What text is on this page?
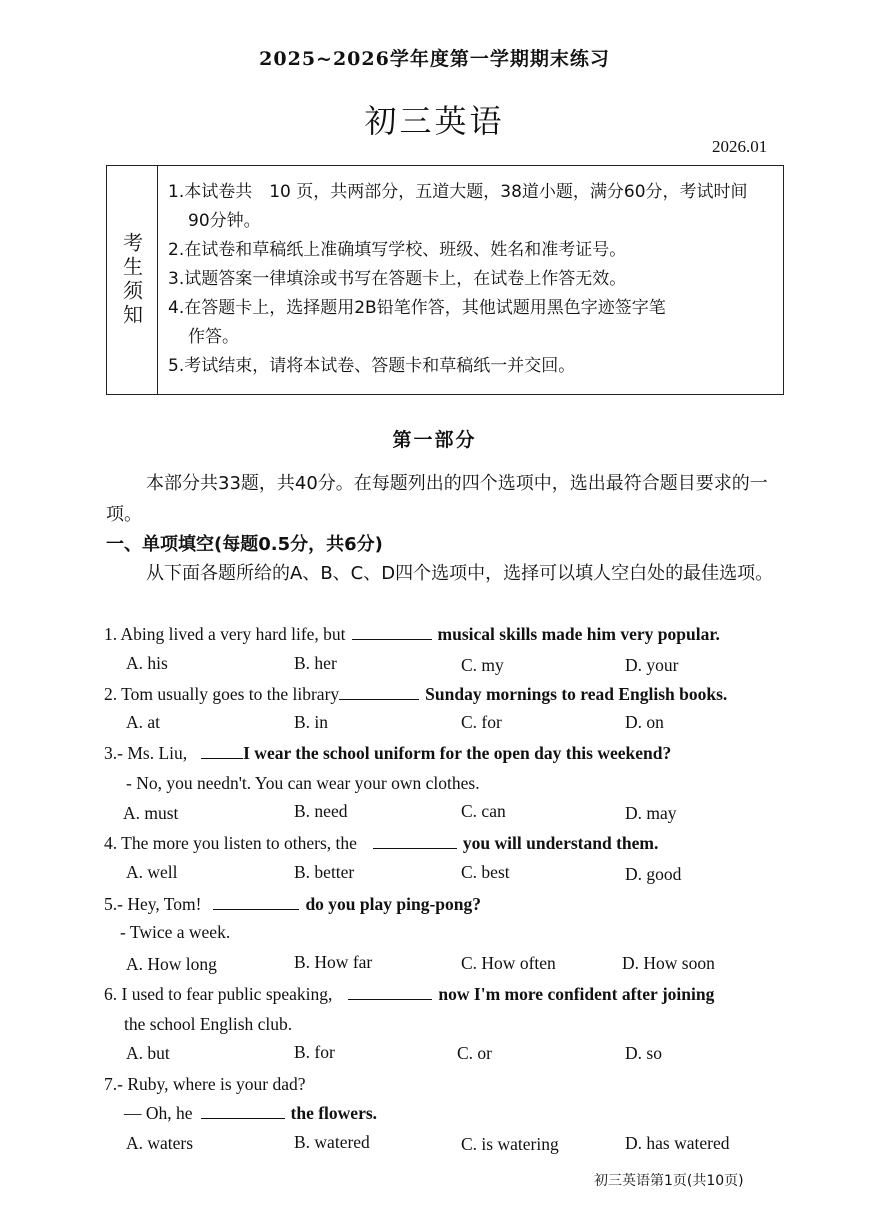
2025~2026学年度第一学期期末练习
初三英语
2026.01
考生须知
1.本试卷共　10 页，共两部分，五道大题，38道小题，满分60分，考试时间
90分钟。
2.在试卷和草稿纸上准确填写学校、班级、姓名和准考证号。
3.试题答案一律填涂或书写在答题卡上，在试卷上作答无效。
4.在答题卡上，选择题用2B铅笔作答，其他试题用黑色字迹签字笔
作答。
5.考试结束，请将本试卷、答题卡和草稿纸一并交回。
第一部分
本部分共33题，共40分。在每题列出的四个选项中，选出最符合题目要求的一项。
一、单项填空(每题0.5分，共6分)
从下面各题所给的A、B、C、D四个选项中，选择可以填人空白处的最佳选项。
1. Abing lived a very hard life, but	musical skills made him very popular.
A. his	B. her	C. my	D. your
2. Tom usually goes to the library	Sunday mornings to read English books.
A. at	B. in	C. for	D. on
3.- Ms. Liu,	I wear the school uniform for the open day this weekend?
- No, you needn't. You can wear your own clothes.
A. must	B. need	C. can	D. may
4. The more you listen to others, the	you will understand them.
A. well	B. better	C. best	D. good
5.- Hey, Tom!	do you play ping-pong?
- Twice a week.
A. How long	B. How far	C. How often	D. How soon
6. I used to fear public speaking,	now I'm more confident after joining
the school English club.
A. but	B. for	C. or	D. so
7.- Ruby, where is your dad?
— Oh, he	the flowers.
A. waters	B. watered	C. is watering	D. has watered
初三英语第1页(共10页)
